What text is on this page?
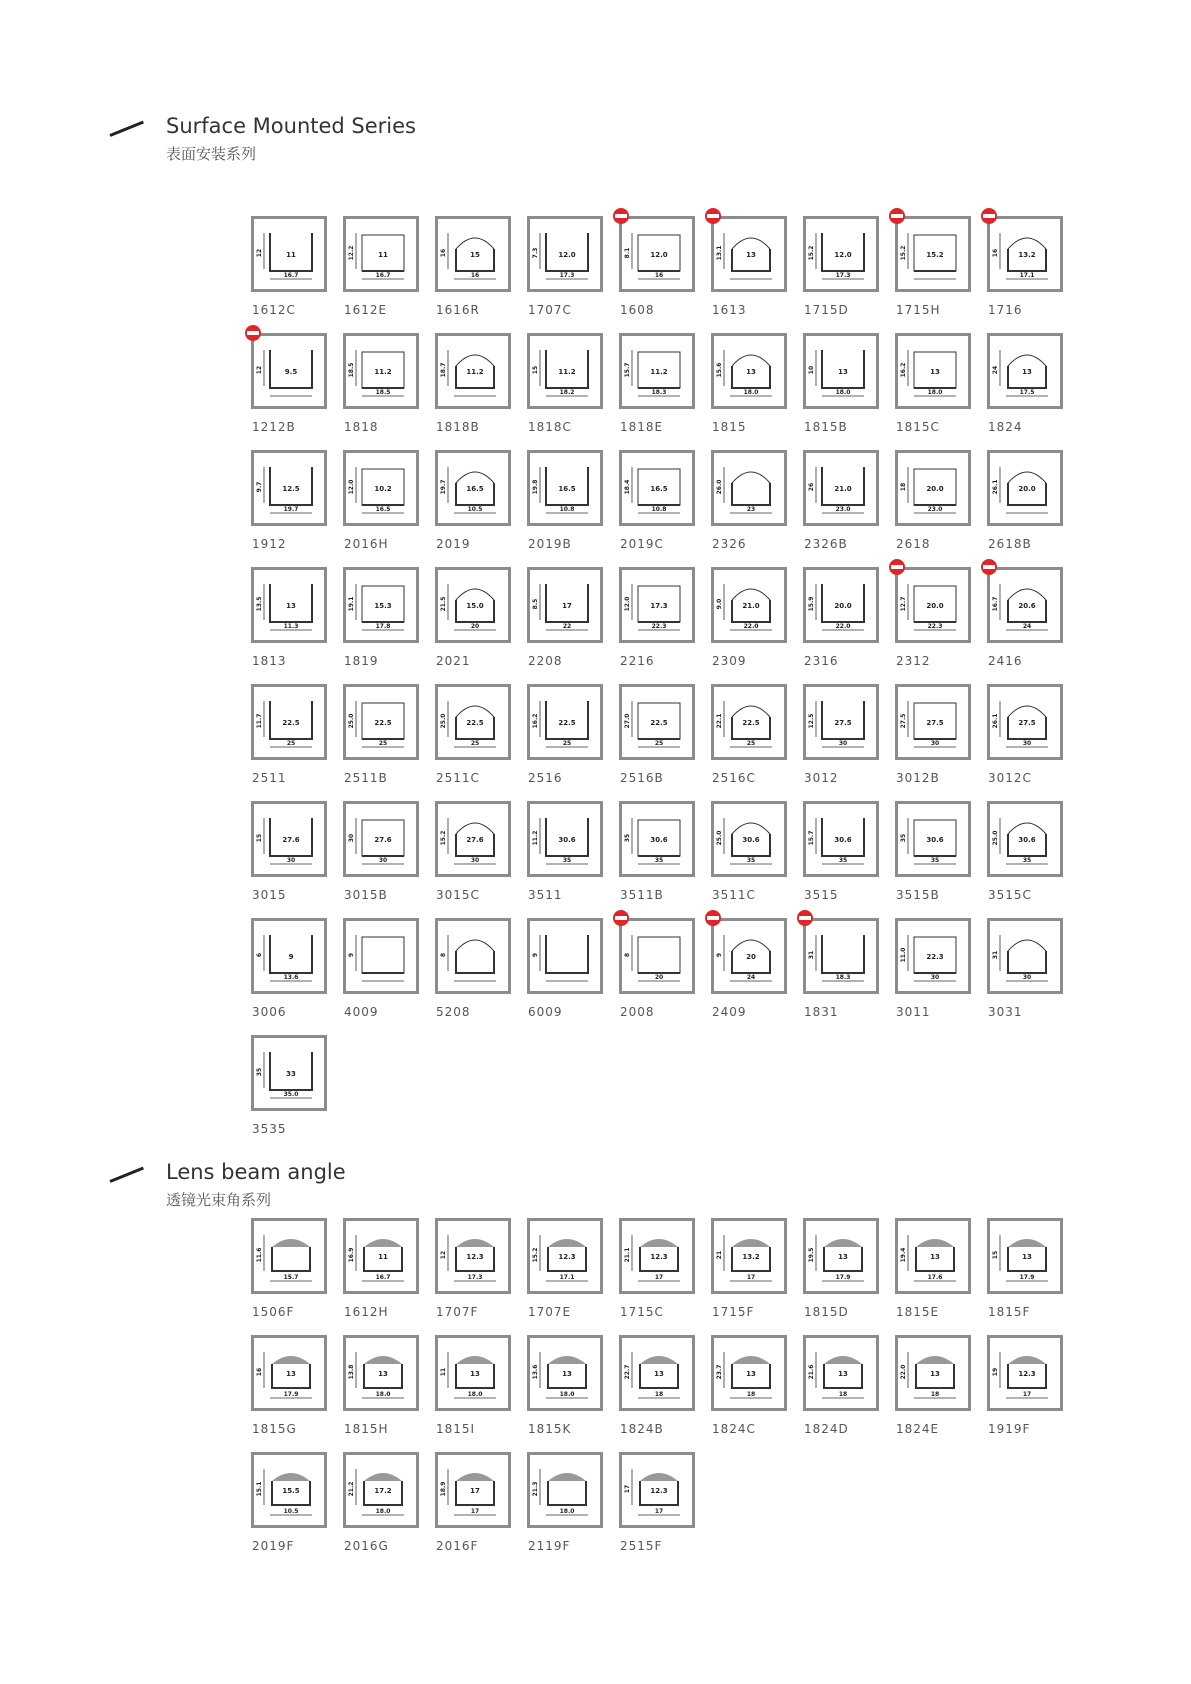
Surface Mounted Series
表面安装系列
11
16.7
12
1612C
11
16.7
12.2
1612E
15
16
16
1616R
12.0
17.3
7.3
1707C
12.0
16
8.1
1608
13
13.1
1613
12.0
17.3
15.2
1715D
15.2
15.2
1715H
13.2
17.1
16
1716
9.5
12
1212B
11.2
18.5
18.5
1818
11.2
18.7
1818B
11.2
18.2
15
1818C
11.2
18.3
15.7
1818E
13
18.0
15.6
1815
13
18.0
10
1815B
13
18.0
16.2
1815C
13
17.5
24
1824
12.5
19.7
9.7
1912
10.2
16.5
12.0
2016H
16.5
10.5
19.7
2019
16.5
10.8
19.8
2019B
16.5
10.8
18.4
2019C
23
26.0
2326
21.0
23.0
26
2326B
20.0
23.0
18
2618
20.0
26.1
2618B
13
11.3
13.5
1813
15.3
17.8
19.1
1819
15.0
20
21.5
2021
17
22
8.5
2208
17.3
22.3
12.0
2216
21.0
22.0
9.0
2309
20.0
22.0
15.9
2316
20.0
22.3
12.7
2312
20.6
24
16.7
2416
22.5
25
11.7
2511
22.5
25
25.0
2511B
22.5
25
25.0
2511C
22.5
25
16.2
2516
22.5
25
27.0
2516B
22.5
25
22.1
2516C
27.5
30
12.5
3012
27.5
30
27.5
3012B
27.5
30
26.1
3012C
27.6
30
15
3015
27.6
30
30
3015B
27.6
30
15.2
3015C
30.6
35
11.2
3511
30.6
35
35
3511B
30.6
35
25.0
3511C
30.6
35
15.7
3515
30.6
35
35
3515B
30.6
35
25.0
3515C
9
13.6
6
3006
9
4009
8
5208
9
6009
20
8
2008
20
24
9
2409
18.3
31
1831
22.3
30
11.0
3011
30
31
3031
33
35.0
35
3535
Lens beam angle
透镜光束角系列
15.7
11.6
1506F
11
16.7
16.9
1612H
12.3
17.3
12
1707F
12.3
17.1
15.2
1707E
12.3
17
21.1
1715C
13.2
17
21
1715F
13
17.9
19.5
1815D
13
17.6
19.4
1815E
13
17.9
15
1815F
13
17.9
16
1815G
13
18.0
13.8
1815H
13
18.0
11
1815I
13
18.0
13.6
1815K
13
18
22.7
1824B
13
18
23.7
1824C
13
18
21.6
1824D
13
18
22.0
1824E
12.3
17
19
1919F
15.5
10.5
15.1
2019F
17.2
18.0
21.2
2016G
17
17
18.9
2016F
18.0
21.3
2119F
12.3
17
17
2515F
